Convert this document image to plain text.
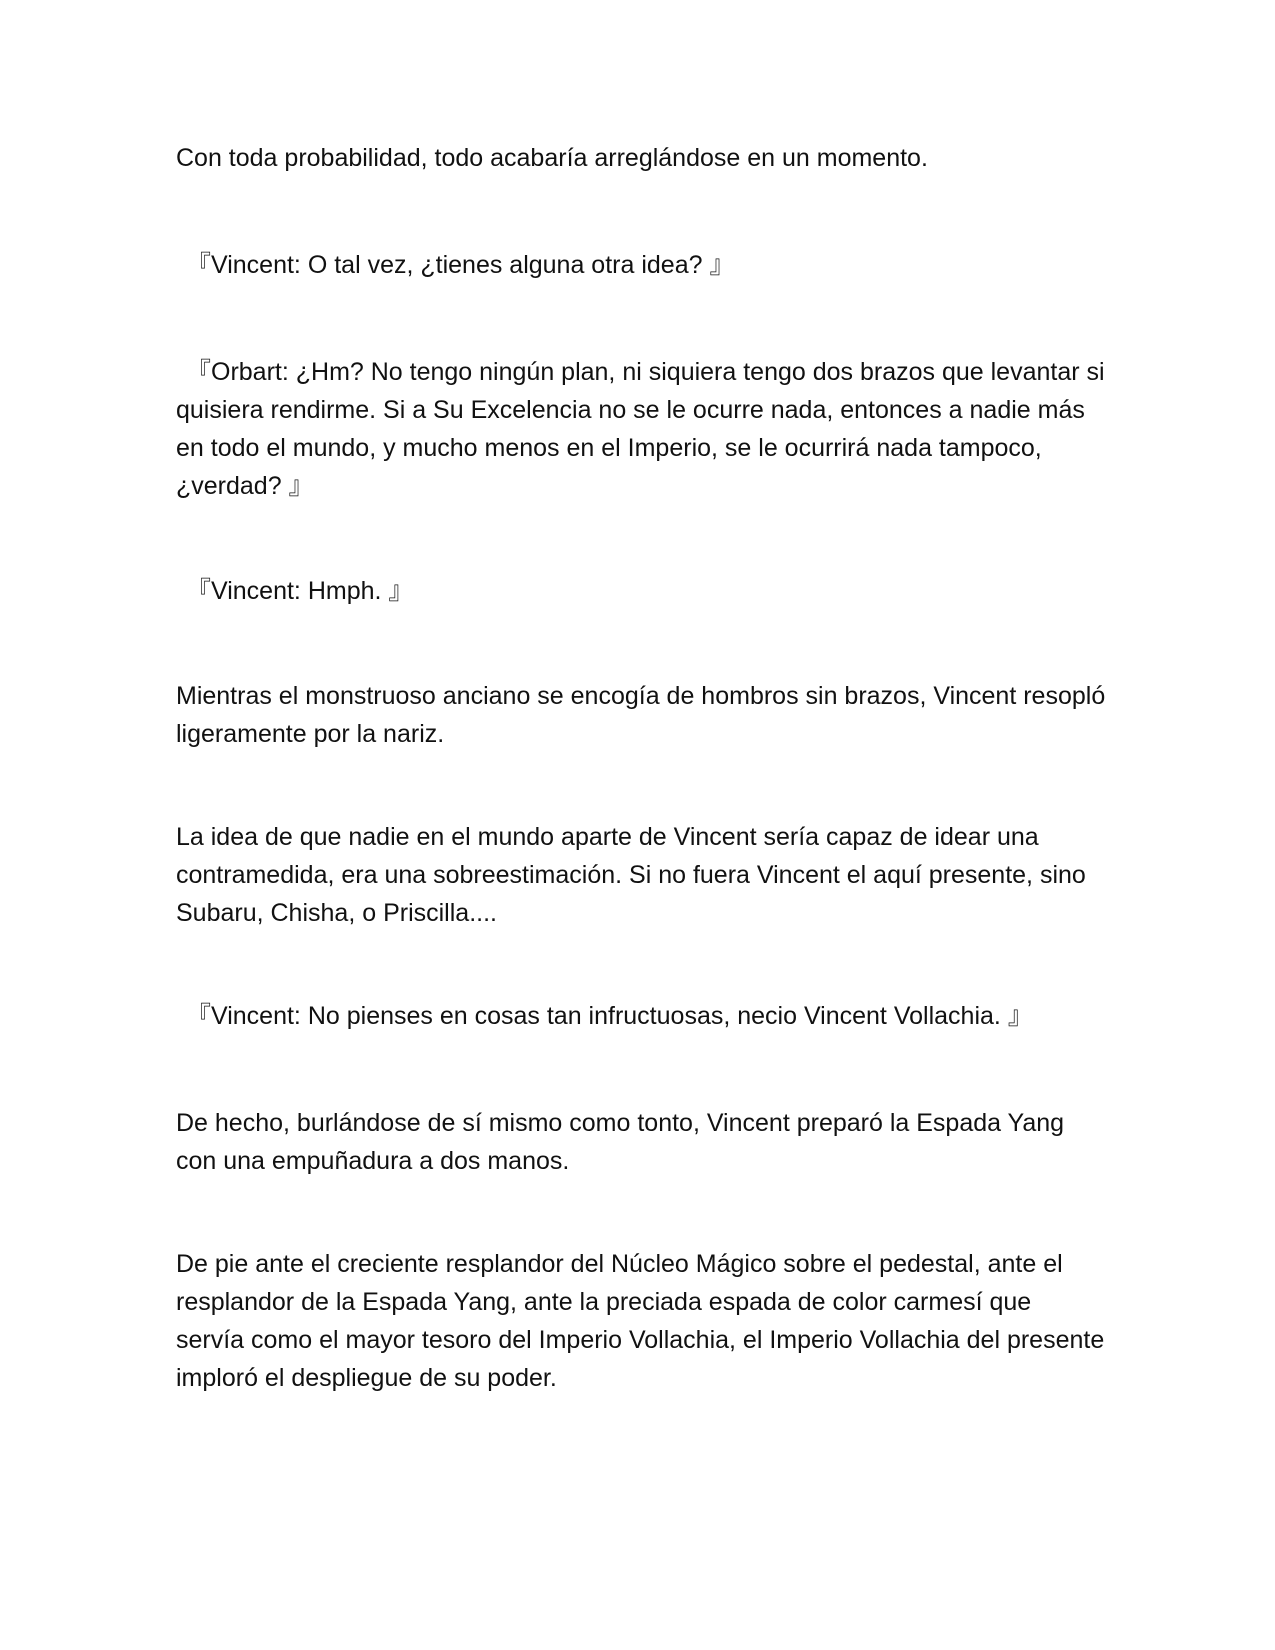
Con toda probabilidad, todo acabaría arreglándose en un momento.

『Vincent: O tal vez, ¿tienes alguna otra idea? 』

『Orbart: ¿Hm? No tengo ningún plan, ni siquiera tengo dos brazos que levantar si quisiera rendirme. Si a Su Excelencia no se le ocurre nada, entonces a nadie más en todo el mundo, y mucho menos en el Imperio, se le ocurrirá nada tampoco, ¿verdad? 』

『Vincent: Hmph. 』

Mientras el monstruoso anciano se encogía de hombros sin brazos, Vincent resopló ligeramente por la nariz.

La idea de que nadie en el mundo aparte de Vincent sería capaz de idear una contramedida, era una sobreestimación. Si no fuera Vincent el aquí presente, sino Subaru, Chisha, o Priscilla....

『Vincent: No pienses en cosas tan infructuosas, necio Vincent Vollachia. 』

De hecho, burlándose de sí mismo como tonto, Vincent preparó la Espada Yang con una empuñadura a dos manos.

De pie ante el creciente resplandor del Núcleo Mágico sobre el pedestal, ante el resplandor de la Espada Yang, ante la preciada espada de color carmesí que servía como el mayor tesoro del Imperio Vollachia, el Imperio Vollachia del presente imploró el despliegue de su poder.
